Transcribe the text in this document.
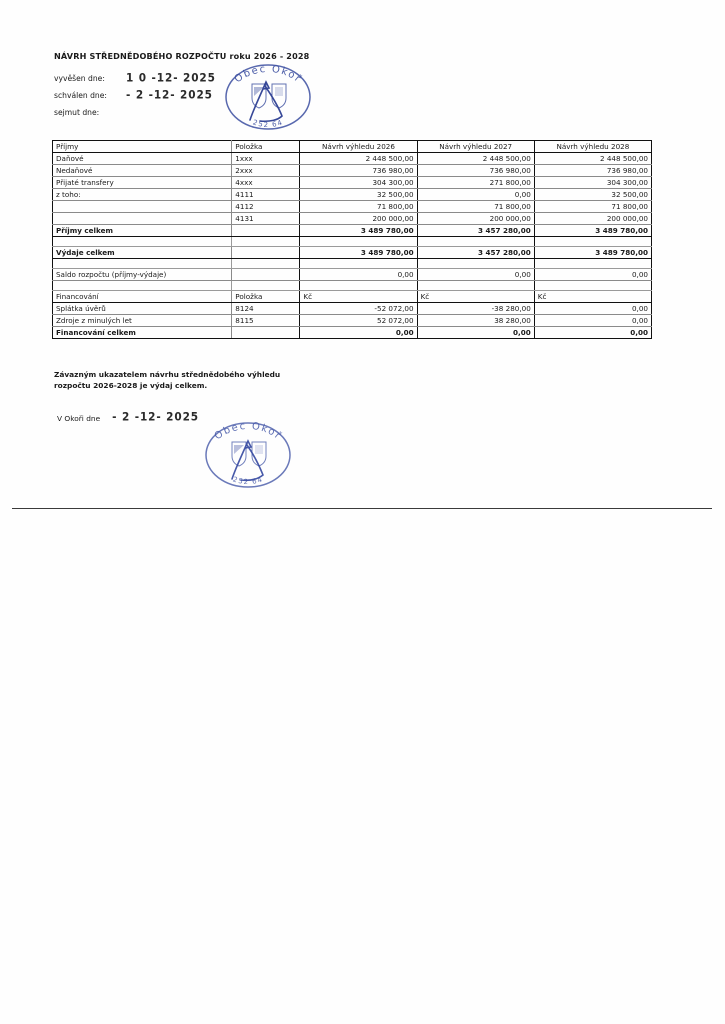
NÁVRH STŘEDNĚDOBÉHO ROZPOČTU roku 2026 - 2028
vyvěšen dne: 1 0 -12- 2025
schválen dne: - 2 -12- 2025
sejmut dne:
Obec Okoř
252 64
Příjmy	Položka	Návrh výhledu 2026	Návrh výhledu 2027	Návrh výhledu 2028
Daňové	1xxx	2 448 500,00	2 448 500,00	2 448 500,00
Nedaňové	2xxx	736 980,00	736 980,00	736 980,00
Přijaté transfery	4xxx	304 300,00	271 800,00	304 300,00
z toho:	4111	32 500,00	0,00	32 500,00
	4112	71 800,00	71 800,00	71 800,00
	4131	200 000,00	200 000,00	200 000,00
Příjmy celkem		3 489 780,00	3 457 280,00	3 489 780,00

Výdaje celkem		3 489 780,00	3 457 280,00	3 489 780,00

Saldo rozpočtu (příjmy-výdaje)		0,00	0,00	0,00

Financování	Položka	Kč	Kč	Kč
Splátka úvěrů	8124	-52 072,00	-38 280,00	0,00
Zdroje z minulých let	8115	52 072,00	38 280,00	0,00
Financování celkem		0,00	0,00	0,00
Závazným ukazatelem návrhu střednědobého výhledu
rozpočtu 2026-2028 je výdaj celkem.
V Okoři dne - 2 -12- 2025
Obec Okoř
252 64
